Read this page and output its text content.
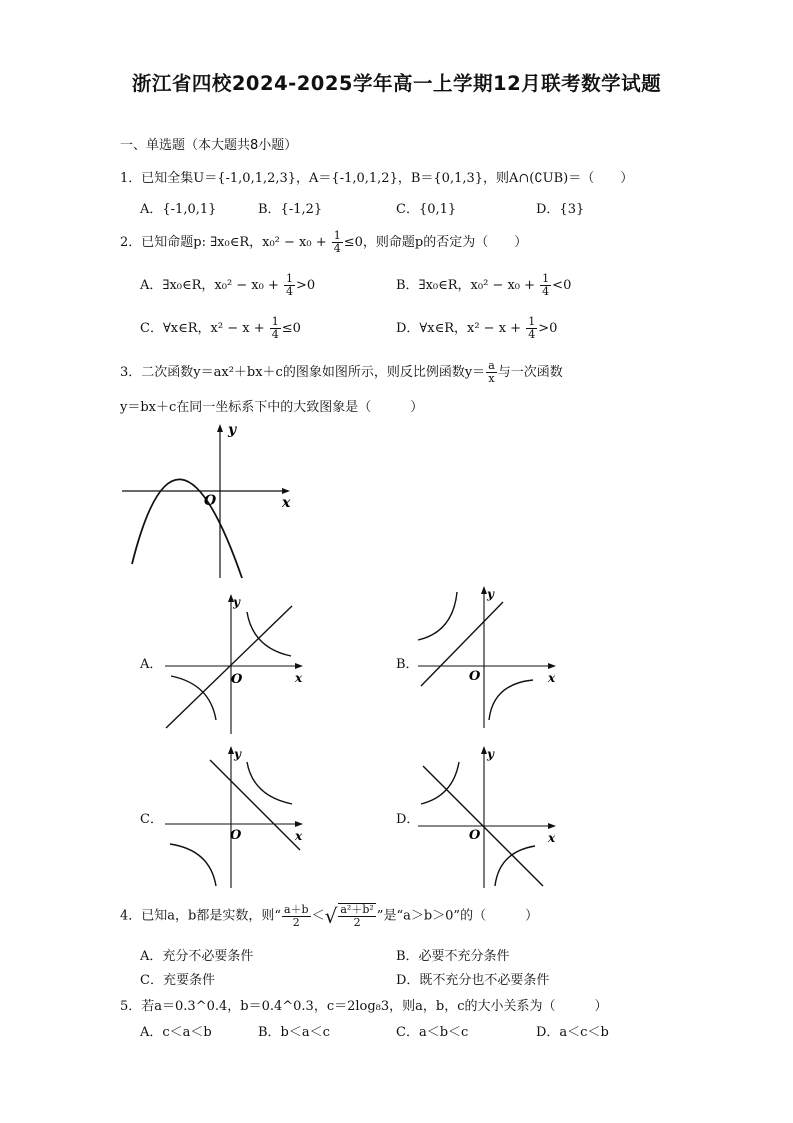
浙江省四校2024-2025学年高一上学期12月联考数学试题
一、单选题（本大题共8小题）
1．已知全集U＝{-1,0,1,2,3}，A＝{-1,0,1,2}，B＝{0,1,3}，则A∩(∁UB)＝（　　）
A．{-1,0,1}	B．{-1,2}	C．{0,1}	D．{3}
2．已知命题p: ∃x₀∈R，$x_0^2 - x_0 + \frac{1}{4} \le 0$，则命题p的否定为（　　）
A．∃x₀∈R，$x_0^2 - x_0 + \frac{1}{4} >0$	B．∃x₀∈R，$x_0^2 - x_0 + \frac{1}{4} <0$
C．∀x∈R，$x^2 - x + \frac{1}{4} \le 0$	D．∀x∈R，$x^2 - x + \frac{1}{4} >0$
3．二次函数y＝ax²＋bx＋c的图象如图所示，则反比例函数$y= \frac{a}{x}$ 与一次函数
y＝bx＋c在同一坐标系下中的大致图象是（　　　）
y
x
O
A．
y
x
O
B．
y
x
O
C．
y
x
O
D．
y
x
O
4．已知a，b都是实数，则“ $\frac{a+b}{2}$ ＜√ $\frac{\text{a²＋b²}}{2}$ ”是“a＞b＞0”的（　　　）
A．充分不必要条件	B．必要不充分条件
C．充要条件	D．既不充分也不必要条件
5．若a＝0.3^0.4，b＝0.4^0.3，c＝2log₈3，则a，b，c的大小关系为（　　　）
A．c＜a＜b	B．b＜a＜c	C．a＜b＜c	D．a＜c＜b
